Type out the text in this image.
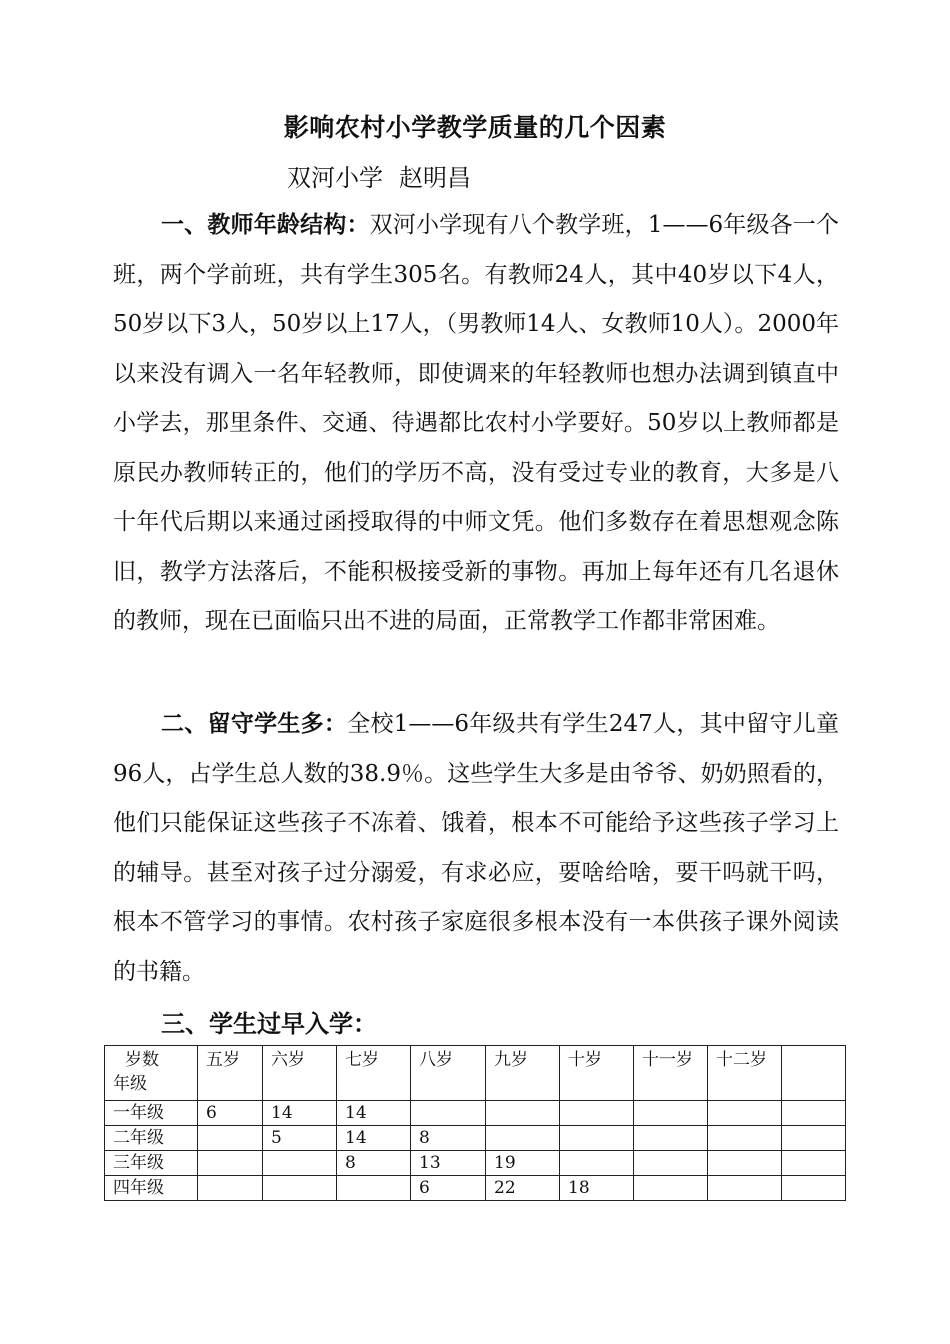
影响农村小学教学质量的几个因素
双河小学 赵明昌

一、教师年龄结构：双河小学现有八个教学班，1——6年级各一个班，两个学前班，共有学生305名。有教师24人，其中40岁以下4人，50岁以下3人，50岁以上17人，（男教师14人、女教师10人）。2000年以来没有调入一名年轻教师，即使调来的年轻教师也想办法调到镇直中小学去，那里条件、交通、待遇都比农村小学要好。50岁以上教师都是原民办教师转正的，他们的学历不高，没有受过专业的教育，大多是八十年代后期以来通过函授取得的中师文凭。他们多数存在着思想观念陈旧，教学方法落后，不能积极接受新的事物。再加上每年还有几名退休的教师，现在已面临只出不进的局面，正常教学工作都非常困难。

二、留守学生多：全校1——6年级共有学生247人，其中留守儿童96人，占学生总人数的38.9％。这些学生大多是由爷爷、奶奶照看的，他们只能保证这些孩子不冻着、饿着，根本不可能给予这些孩子学习上的辅导。甚至对孩子过分溺爱，有求必应，要啥给啥，要干吗就干吗，根本不管学习的事情。农村孩子家庭很多根本没有一本供孩子课外阅读的书籍。

三、学生过早入学：
岁数
年级	五岁	六岁	七岁	八岁	九岁	十岁	十一岁	十二岁	
一年级	6	14	14						
二年级		5	14	8					
三年级			8	13	19				
四年级				6	22	18			
